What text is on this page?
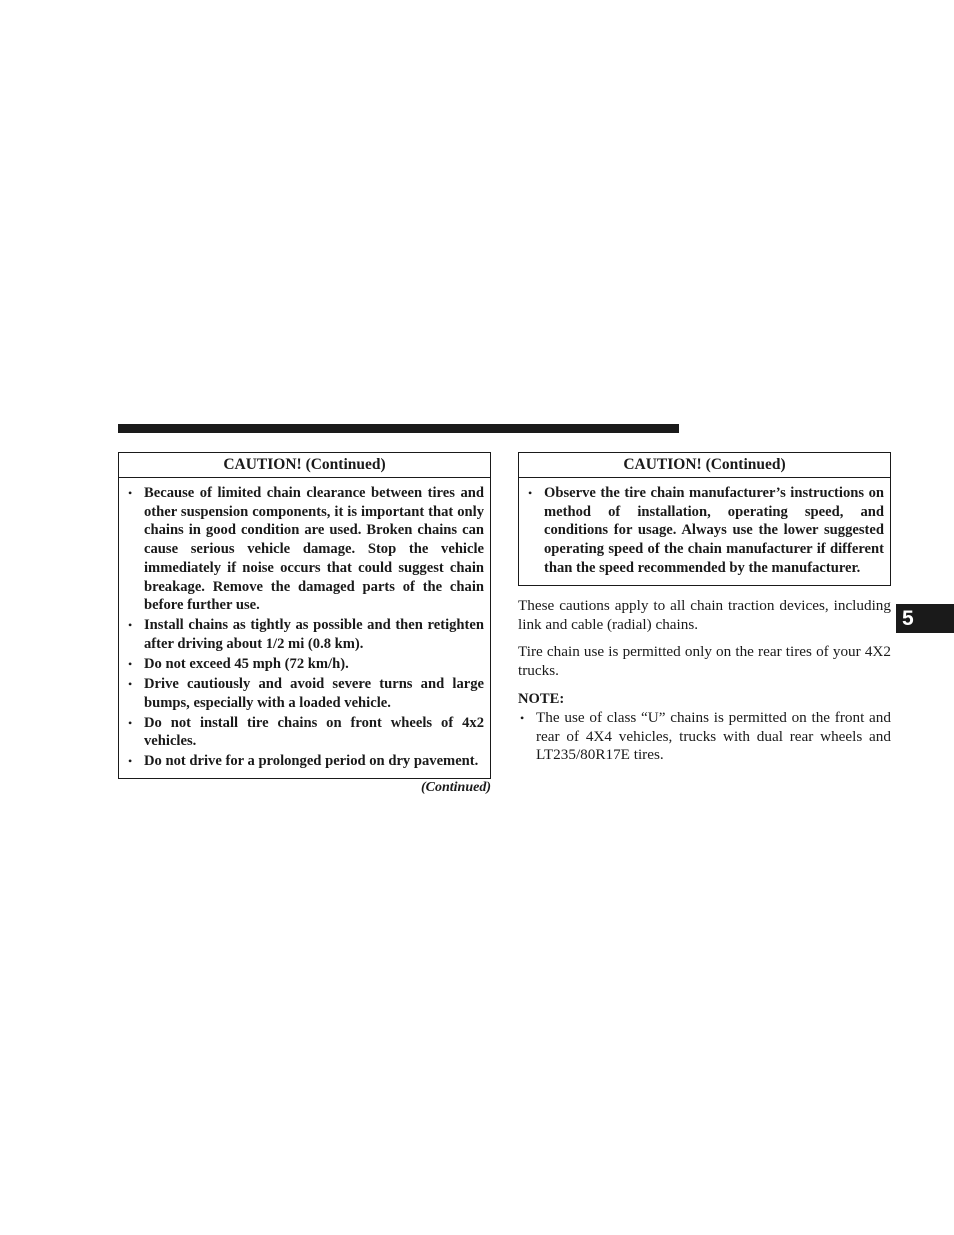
CAUTION! (Continued)
• Because of limited chain clearance between tires and other suspension components, it is important that only chains in good condition are used. Broken chains can cause serious vehicle damage. Stop the vehicle immediately if noise occurs that could suggest chain breakage. Remove the damaged parts of the chain before further use.
• Install chains as tightly as possible and then retighten after driving about 1/2 mi (0.8 km).
• Do not exceed 45 mph (72 km/h).
• Drive cautiously and avoid severe turns and large bumps, especially with a loaded vehicle.
• Do not install tire chains on front wheels of 4x2 vehicles.
• Do not drive for a prolonged period on dry pavement.
(Continued)
CAUTION! (Continued)
• Observe the tire chain manufacturer’s instructions on method of installation, operating speed, and conditions for usage. Always use the lower suggested operating speed of the chain manufacturer if different than the speed recommended by the manufacturer.

These cautions apply to all chain traction devices, including link and cable (radial) chains.

Tire chain use is permitted only on the rear tires of your 4X2 trucks.

NOTE:

• The use of class “U” chains is permitted on the front and rear of 4X4 vehicles, trucks with dual rear wheels and LT235/80R17E tires.
5
